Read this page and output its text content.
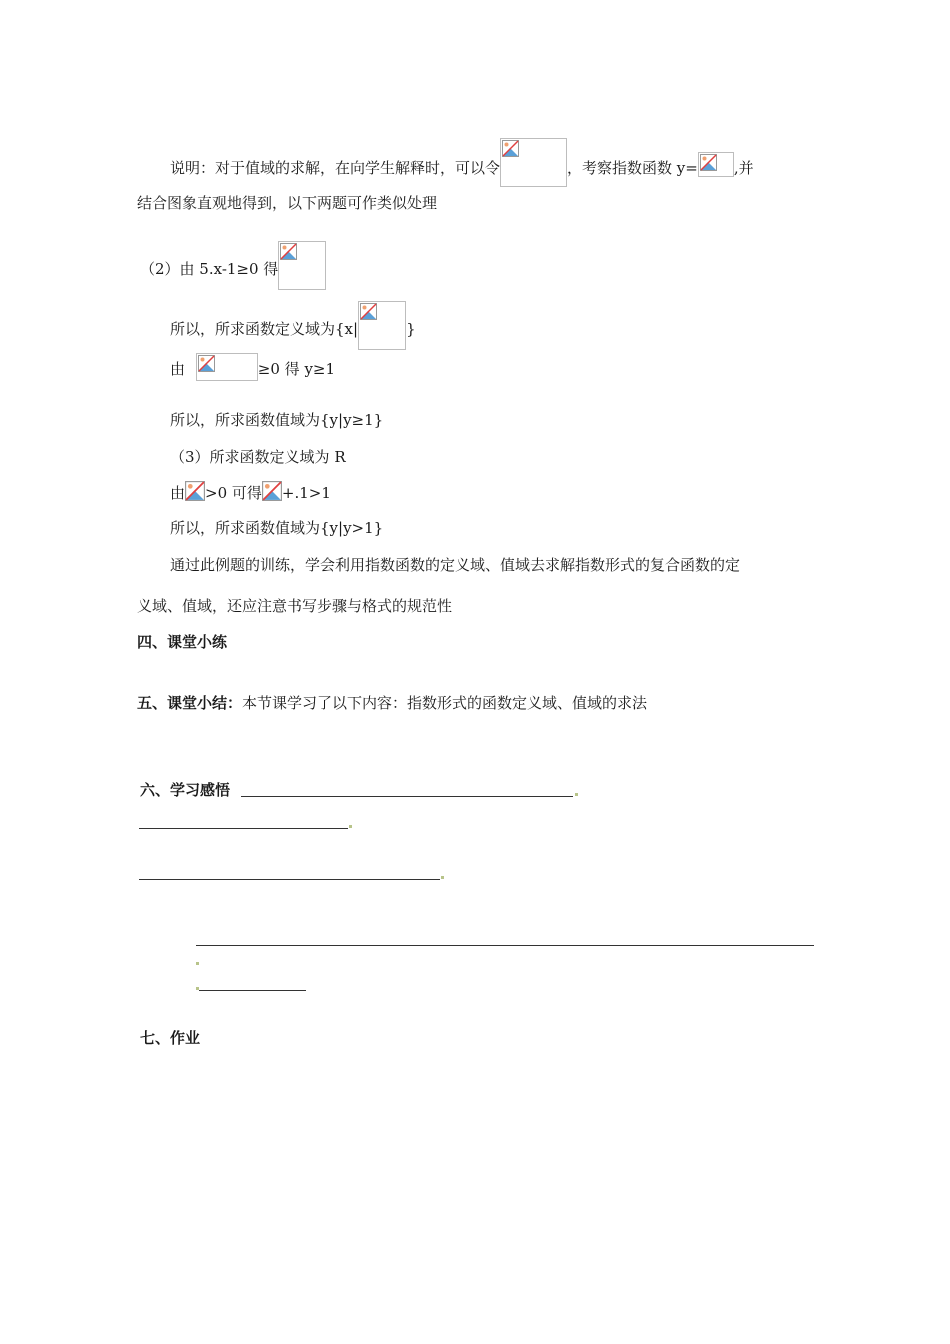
说明：对于值域的求解，在向学生解释时，可以令	，考察指数函数 y= ,并
结合图象直观地得到，以下两题可作类似处理
（2）由 5.x-1≥0 得
所以，所求函数定义域为{x|	}
由	≥0 得 y≥1
所以，所求函数值域为{y|y≥1}
（3）所求函数定义域为 R
由 >0 可得 +.1>1
所以，所求函数值域为{y|y>1}
通过此例题的训练，学会利用指数函数的定义域、值域去求解指数形式的复合函数的定
义域、值域，还应注意书写步骤与格式的规范性
四、课堂小练
五、课堂小结：本节课学习了以下内容：指数形式的函数定义域、值域的求法
六、学习感悟
七、作业
